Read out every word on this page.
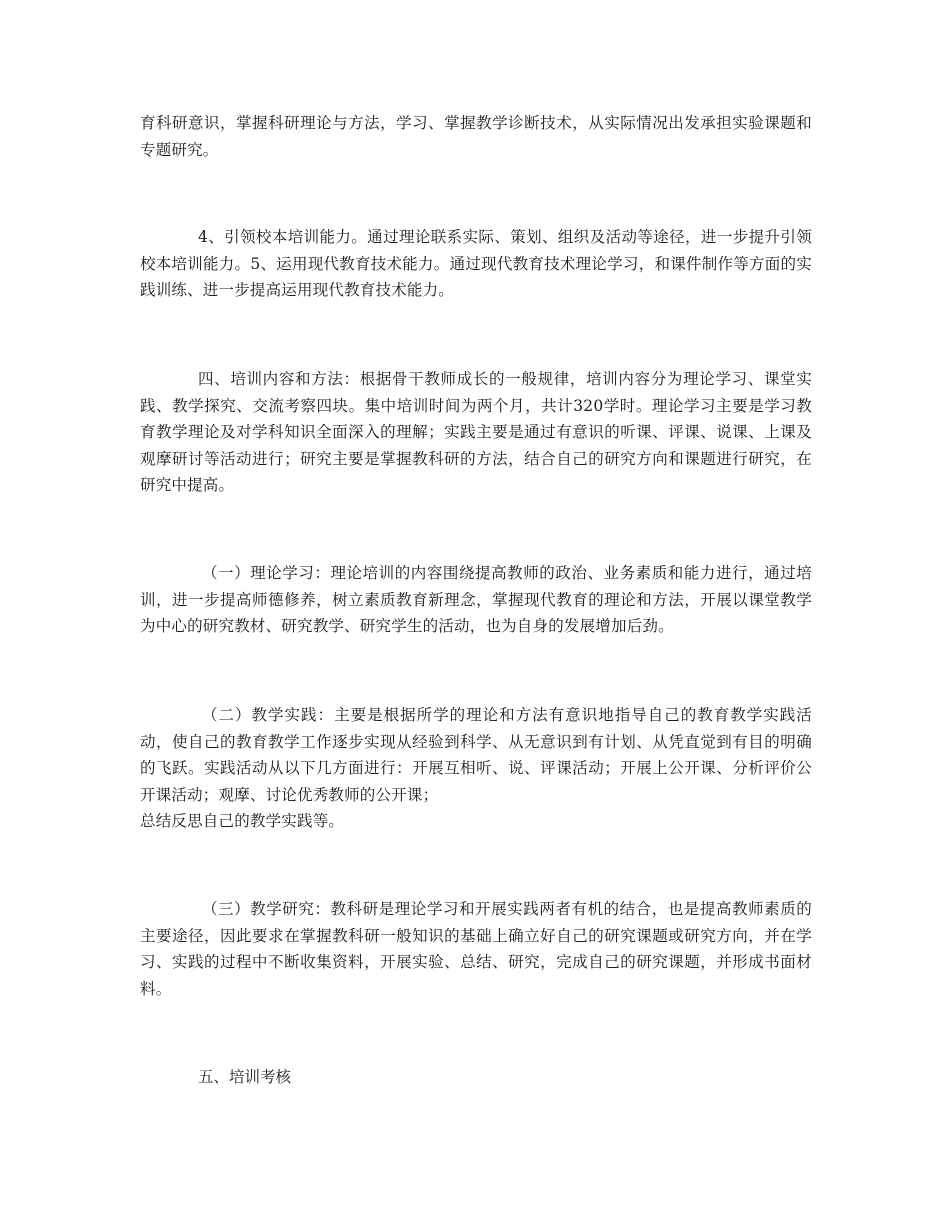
育科研意识，掌握科研理论与方法，学习、掌握教学诊断技术，从实际情况出发承担实验课题和专题研究。

4、引领校本培训能力。通过理论联系实际、策划、组织及活动等途径，进一步提升引领校本培训能力。5、运用现代教育技术能力。通过现代教育技术理论学习，和课件制作等方面的实践训练、进一步提高运用现代教育技术能力。

四、培训内容和方法：根据骨干教师成长的一般规律，培训内容分为理论学习、课堂实践、教学探究、交流考察四块。集中培训时间为两个月，共计320学时。理论学习主要是学习教育教学理论及对学科知识全面深入的理解；实践主要是通过有意识的听课、评课、说课、上课及观摩研讨等活动进行；研究主要是掌握教科研的方法，结合自己的研究方向和课题进行研究，在研究中提高。

（一）理论学习：理论培训的内容围绕提高教师的政治、业务素质和能力进行，通过培训，进一步提高师德修养，树立素质教育新理念，掌握现代教育的理论和方法，开展以课堂教学为中心的研究教材、研究教学、研究学生的活动，也为自身的发展增加后劲。

（二）教学实践：主要是根据所学的理论和方法有意识地指导自己的教育教学实践活动，使自己的教育教学工作逐步实现从经验到科学、从无意识到有计划、从凭直觉到有目的明确的飞跃。实践活动从以下几方面进行：开展互相听、说、评课活动；开展上公开课、分析评价公开课活动；观摩、讨论优秀教师的公开课；

总结反思自己的教学实践等。

（三）教学研究：教科研是理论学习和开展实践两者有机的结合，也是提高教师素质的主要途径，因此要求在掌握教科研一般知识的基础上确立好自己的研究课题或研究方向，并在学习、实践的过程中不断收集资料，开展实验、总结、研究，完成自己的研究课题，并形成书面材料。

五、培训考核
